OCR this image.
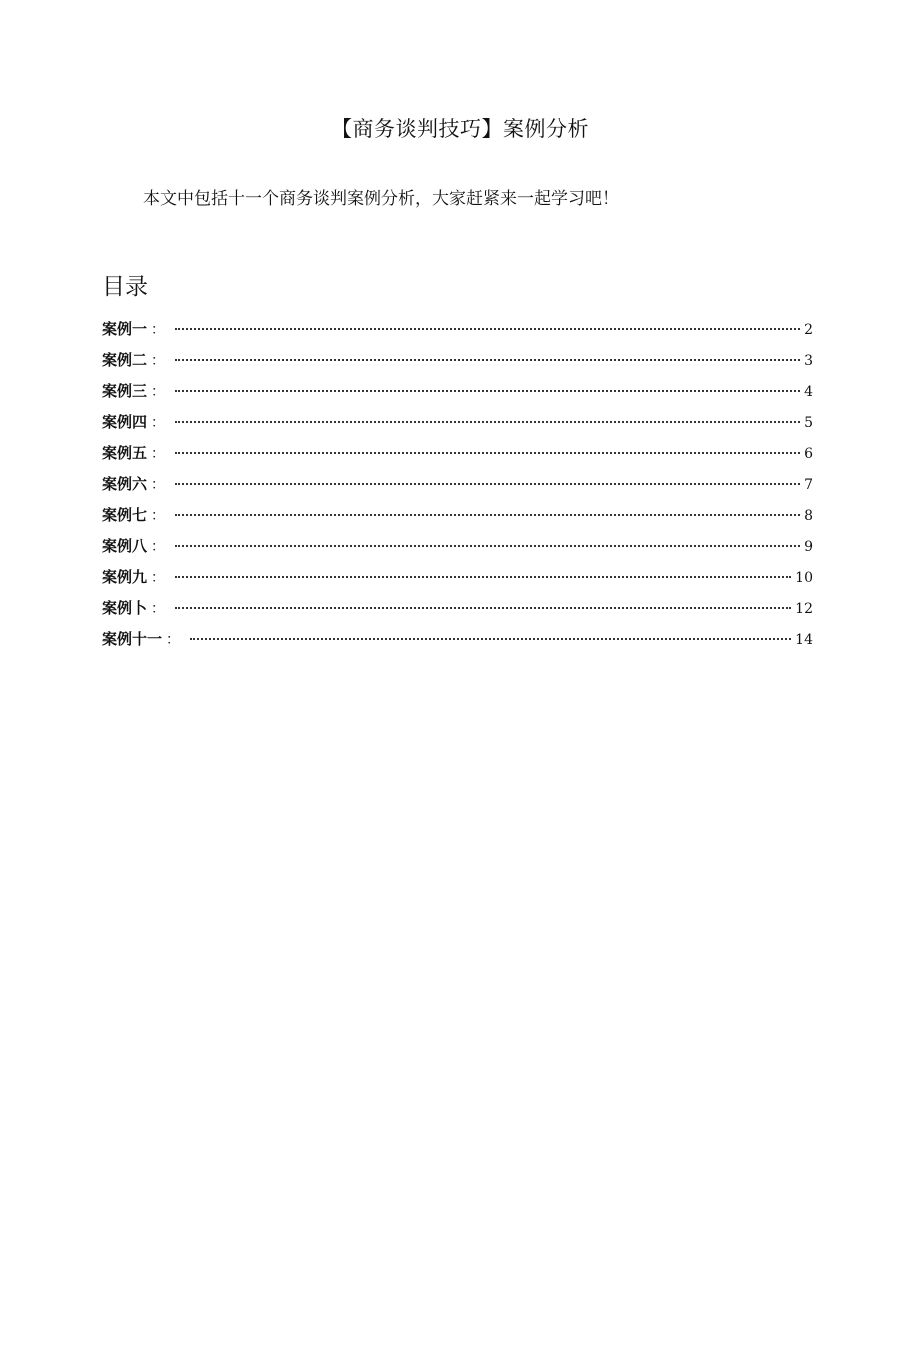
【商务谈判技巧】案例分析

本文中包括十一个商务谈判案例分析，大家赶紧来一起学习吧！

目录
案例一 ：	2
案例二 ：	3
案例三 ：	4
案例四 ：	5
案例五 ：	6
案例六 ：	7
案例七 ：	8
案例八 ：	9
案例九 ：	10
案例卜 ：	12
案例十一 ：	14
